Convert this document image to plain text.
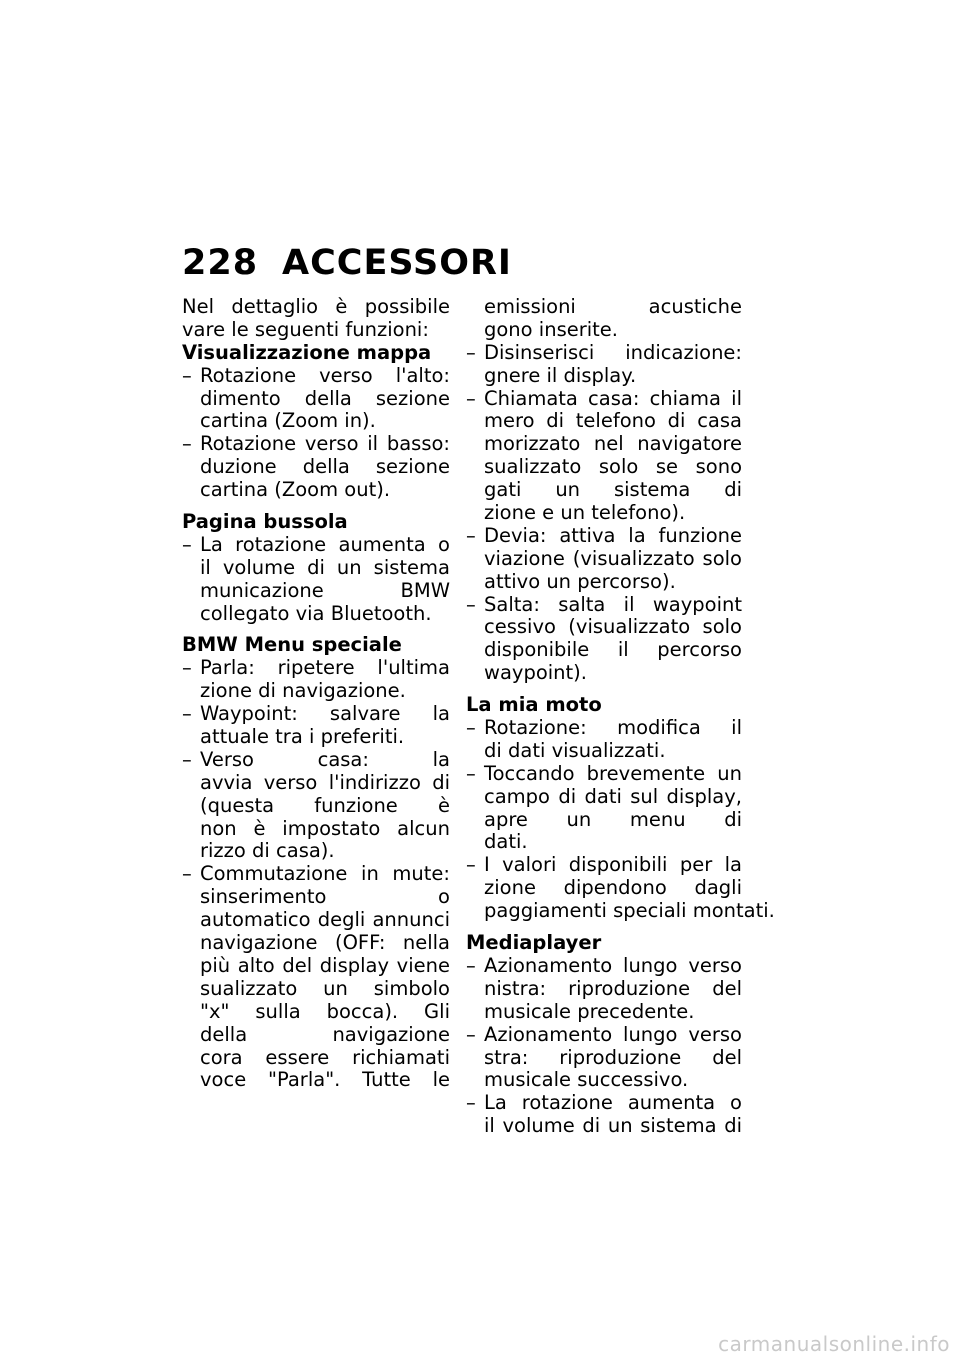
228 ACCESSORI
Nel dettaglio è possibile
vare le seguenti funzioni:
Visualizzazione mappa
– Rotazione verso l'alto:
dimento della sezione
cartina (Zoom in).
– Rotazione verso il basso:
duzione della sezione
cartina (Zoom out).
Pagina bussola
– La rotazione aumenta o
il volume di un sistema
municazione BMW
collegato via Bluetooth.
BMW Menu speciale
– Parla: ripetere l'ultima
zione di navigazione.
– Waypoint: salvare la
attuale tra i preferiti.
– Verso casa: la
avvia verso l'indirizzo di
(questa funzione è
non è impostato alcun
rizzo di casa).
– Commutazione in mute:
sinserimento o
automatico degli annunci
navigazione (OFF: nella
più alto del display viene
sualizzato un simbolo
"x" sulla bocca). Gli
della navigazione
cora essere richiamati
voce "Parla". Tutte le
emissioni acustiche
gono inserite.
– Disinserisci indicazione:
gnere il display.
– Chiamata casa: chiama il
mero di telefono di casa
morizzato nel navigatore
sualizzato solo se sono
gati un sistema di
zione e un telefono).
– Devia: attiva la funzione
viazione (visualizzato solo
attivo un percorso).
– Salta: salta il waypoint
cessivo (visualizzato solo
disponibile il percorso
waypoint).
La mia moto
– Rotazione: modifica il
di dati visualizzati.
– Toccando brevemente un
campo di dati sul display,
apre un menu di
dati.
– I valori disponibili per la
zione dipendono dagli
paggiamenti speciali montati.
Mediaplayer
– Azionamento lungo verso
nistra: riproduzione del
musicale precedente.
– Azionamento lungo verso
stra: riproduzione del
musicale successivo.
– La rotazione aumenta o
il volume di un sistema di
carmanualsonline.info
